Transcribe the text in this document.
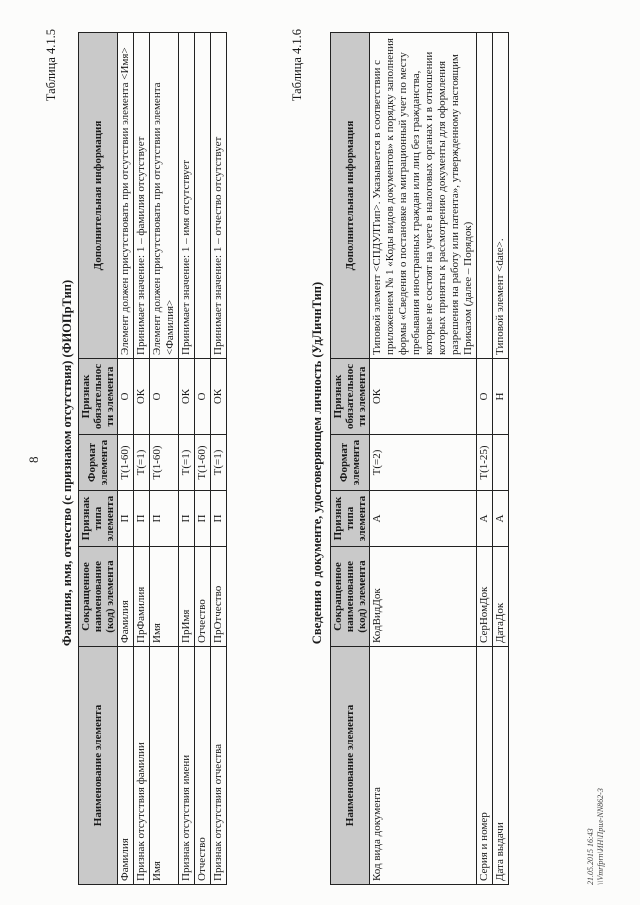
8
Таблица 4.1.5
Фамилия, имя, отчество (с признаком отсутствия) (ФИОПрТип)
Наименование элемента	Сокращенное наименование (код) элемента	Признак типа элемента	Формат элемента	Признак обязательности элемента	Дополнительная информация
Фамилия	Фамилия	П	T(1-60)	О	Элемент должен присутствовать при отсутствии элемента <Имя>
Признак отсутствия фамилии	ПрФамилия	П	T(=1)	ОК	Принимает значение: 1 – фамилия отсутствует
Имя	Имя	П	T(1-60)	О	Элемент должен присутствовать при отсутствии элемента <Фамилия>
Признак отсутствия имени	ПрИмя	П	T(=1)	ОК	Принимает значение: 1 – имя отсутствует
Отчество	Отчество	П	T(1-60)	О	
Признак отсутствия отчества	ПрОтчество	П	T(=1)	ОК	Принимает значение: 1 – отчество отсутствует
Таблица 4.1.6
Сведения о документе, удостоверяющем личность (УдЛичнТип)
Наименование элемента	Сокращенное наименование (код) элемента	Признак типа элемента	Формат элемента	Признак обязательности элемента	Дополнительная информация
Код вида документа	КодВидДок	А	T(=2)	ОК	Типовой элемент <СПДУЛТип>. Указывается в соответствии с приложением № 1 «Коды видов документов» к порядку заполнения формы «Сведения о постановке на миграционный учет по месту пребывания иностранных граждан или лиц без гражданства, которые не состоят на учете в налоговых органах и в отношении которых приняты к рассмотрению документы для оформления разрешения на работу или патента», утвержденному настоящим Приказом (далее – Порядок)
Серия и номер	СерНомДок	А	T(1-25)	О	
Дата выдачи	ДатаДок	А		Н	Типовой элемент <date>.
21.05.2015 16:43 \\Vmrfprn\ИН\Прил-NN862-3
